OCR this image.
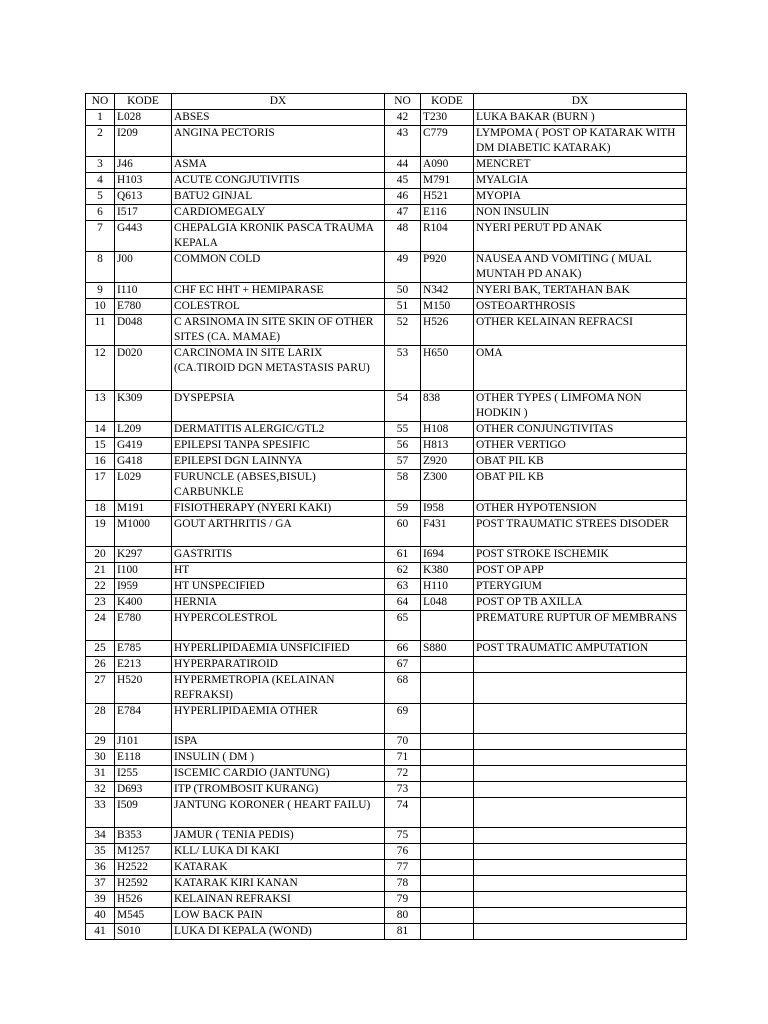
NO	KODE	DX	NO	KODE	DX
1	L028	ABSES	42	T230	LUKA BAKAR (BURN )
2	I209	ANGINA PECTORIS	43	C779	LYMPOMA ( POST OP KATARAK WITH DM DIABETIC KATARAK)
3	J46	ASMA	44	A090	MENCRET
4	H103	ACUTE CONGJUTIVITIS	45	M791	MYALGIA
5	Q613	BATU2 GINJAL	46	H521	MYOPIA
6	I517	CARDIOMEGALY	47	E116	NON INSULIN
7	G443	CHEPALGIA KRONIK PASCA TRAUMA KEPALA	48	R104	NYERI PERUT PD ANAK
8	J00	COMMON COLD	49	P920	NAUSEA AND VOMITING ( MUAL MUNTAH PD ANAK)
9	I110	CHF EC HHT + HEMIPARASE	50	N342	NYERI BAK, TERTAHAN BAK
10	E780	COLESTROL	51	M150	OSTEOARTHROSIS
11	D048	C ARSINOMA IN SITE SKIN OF OTHER SITES (CA. MAMAE)	52	H526	OTHER KELAINAN REFRACSI
12	D020	CARCINOMA IN SITE LARIX (CA.TIROID DGN METASTASIS PARU)	53	H650	OMA
13	K309	DYSPEPSIA	54	838	OTHER TYPES ( LIMFOMA NON HODKIN )
14	L209	DERMATITIS ALERGIC/GTL2	55	H108	OTHER CONJUNGTIVITAS
15	G419	EPILEPSI TANPA SPESIFIC	56	H813	OTHER VERTIGO
16	G418	EPILEPSI DGN LAINNYA	57	Z920	OBAT PIL KB
17	L029	FURUNCLE (ABSES,BISUL) CARBUNKLE	58	Z300	OBAT PIL KB
18	M191	FISIOTHERAPY (NYERI KAKI)	59	I958	OTHER HYPOTENSION
19	M1000	GOUT ARTHRITIS / GA	60	F431	POST TRAUMATIC STREES DISODER
20	K297	GASTRITIS	61	I694	POST STROKE ISCHEMIK
21	I100	HT	62	K380	POST OP APP
22	I959	HT UNSPECIFIED	63	H110	PTERYGIUM
23	K400	HERNIA	64	L048	POST OP TB AXILLA
24	E780	HYPERCOLESTROL	65		PREMATURE RUPTUR OF MEMBRANS
25	E785	HYPERLIPIDAEMIA UNSFICIFIED	66	S880	POST TRAUMATIC AMPUTATION
26	E213	HYPERPARATIROID	67		
27	H520	HYPERMETROPIA (KELAINAN REFRAKSI)	68		
28	E784	HYPERLIPIDAEMIA OTHER	69		
29	J101	ISPA	70		
30	E118	INSULIN ( DM )	71		
31	I255	ISCEMIC CARDIO (JANTUNG)	72		
32	D693	ITP (TROMBOSIT KURANG)	73		
33	I509	JANTUNG KORONER ( HEART FAILU)	74		
34	B353	JAMUR ( TENIA PEDIS)	75		
35	M1257	KLL/ LUKA DI KAKI	76		
36	H2522	KATARAK	77		
37	H2592	KATARAK KIRI KANAN	78		
39	H526	KELAINAN REFRAKSI	79		
40	M545	LOW BACK PAIN	80		
41	S010	LUKA DI KEPALA (WOND)	81		
